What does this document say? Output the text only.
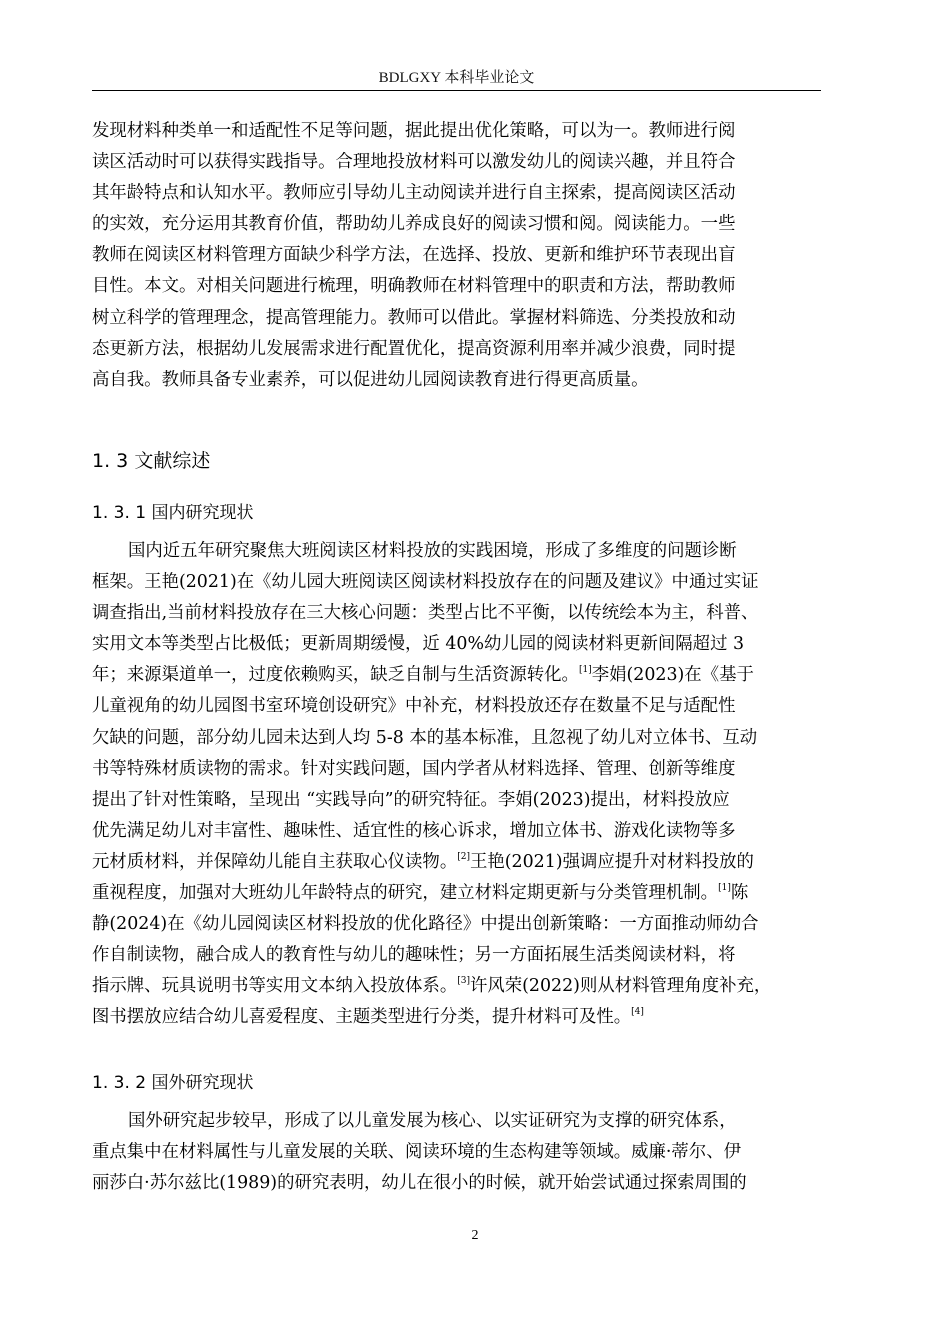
BDLGXY 本科毕业论文
发现材料种类单一和适配性不足等问题，据此提出优化策略，可以为一。教师进行阅
读区活动时可以获得实践指导。合理地投放材料可以激发幼儿的阅读兴趣，并且符合
其年龄特点和认知水平。教师应引导幼儿主动阅读并进行自主探索，提高阅读区活动
的实效，充分运用其教育价值，帮助幼儿养成良好的阅读习惯和阅。阅读能力。一些
教师在阅读区材料管理方面缺少科学方法，在选择、投放、更新和维护环节表现出盲
目性。本文。对相关问题进行梳理，明确教师在材料管理中的职责和方法，帮助教师
树立科学的管理理念，提高管理能力。教师可以借此。掌握材料筛选、分类投放和动
态更新方法，根据幼儿发展需求进行配置优化，提高资源利用率并减少浪费，同时提
高自我。教师具备专业素养，可以促进幼儿园阅读教育进行得更高质量。
1. 3 文献综述
1. 3. 1 国内研究现状
国内近五年研究聚焦大班阅读区材料投放的实践困境，形成了多维度的问题诊断
框架。王艳(2021)在《幼儿园大班阅读区阅读材料投放存在的问题及建议》中通过实证
调查指出,当前材料投放存在三大核心问题：类型占比不平衡，以传统绘本为主，科普、
实用文本等类型占比极低；更新周期缓慢，近 40%幼儿园的阅读材料更新间隔超过 3
年；来源渠道单一，过度依赖购买，缺乏自制与生活资源转化。[1]李娟(2023)在《基于
儿童视角的幼儿园图书室环境创设研究》中补充，材料投放还存在数量不足与适配性
欠缺的问题，部分幼儿园未达到人均 5-8 本的基本标准，且忽视了幼儿对立体书、互动
书等特殊材质读物的需求。针对实践问题，国内学者从材料选择、管理、创新等维度
提出了针对性策略，呈现出 “实践导向”的研究特征。李娟(2023)提出，材料投放应
优先满足幼儿对丰富性、趣味性、适宜性的核心诉求，增加立体书、游戏化读物等多
元材质材料，并保障幼儿能自主获取心仪读物。[2]王艳(2021)强调应提升对材料投放的
重视程度，加强对大班幼儿年龄特点的研究，建立材料定期更新与分类管理机制。[1]陈
静(2024)在《幼儿园阅读区材料投放的优化路径》中提出创新策略：一方面推动师幼合
作自制读物，融合成人的教育性与幼儿的趣味性；另一方面拓展生活类阅读材料，将
指示牌、玩具说明书等实用文本纳入投放体系。[3]许风荣(2022)则从材料管理角度补充，
图书摆放应结合幼儿喜爱程度、主题类型进行分类，提升材料可及性。[4]
1. 3. 2 国外研究现状
国外研究起步较早，形成了以儿童发展为核心、以实证研究为支撑的研究体系，
重点集中在材料属性与儿童发展的关联、阅读环境的生态构建等领域。威廉·蒂尔、伊
丽莎白·苏尔兹比(1989)的研究表明，幼儿在很小的时候，就开始尝试通过探索周围的
2
